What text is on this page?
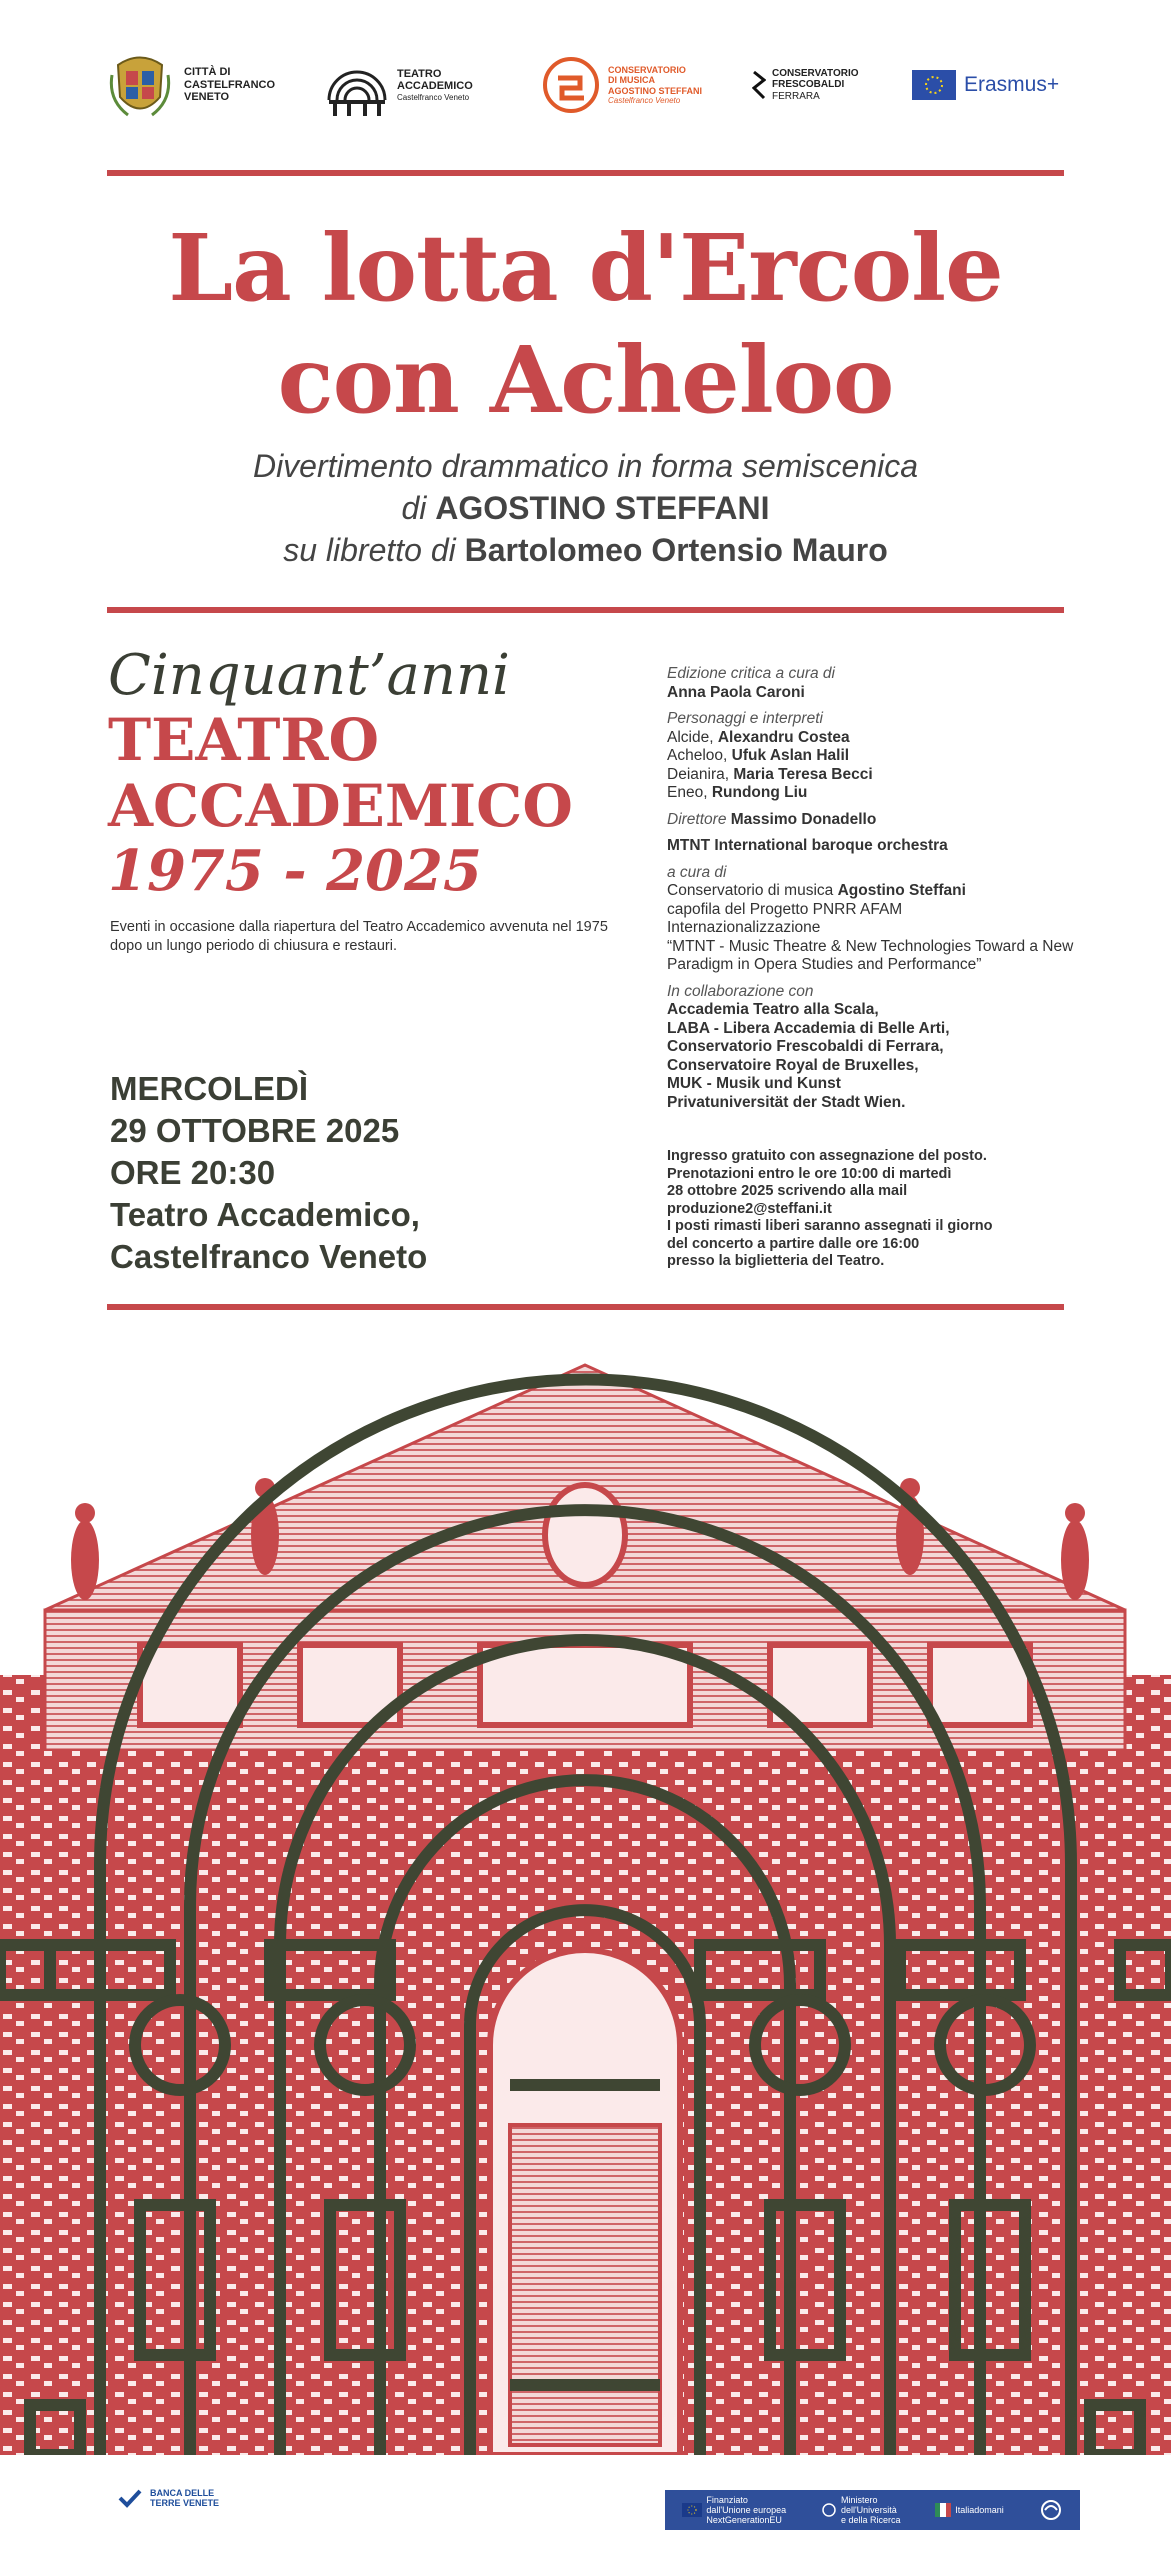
CITTÀ DI
CASTELFRANCO
VENETO
TEATRO
ACCADEMICO
Castelfranco Veneto
CONSERVATORIO
DI MUSICA
AGOSTINO STEFFANI
Castelfranco Veneto
CONSERVATORIO
FRESCOBALDI
FERRARA
Erasmus+
La lotta d'Ercole
con Acheloo
Divertimento drammatico in forma semiscenica
di AGOSTINO STEFFANI
su libretto di Bartolomeo Ortensio Mauro
Cinquant’anni
TEATRO
ACCADEMICO
1975 - 2025
Eventi in occasione dalla riapertura del Teatro Accademico avvenuta nel 1975 dopo un lungo periodo di chiusura e restauri.
MERCOLEDÌ
29 OTTOBRE 2025
ORE 20:30
Teatro Accademico,
Castelfranco Veneto
Edizione critica a cura di
Anna Paola Caroni
Personaggi e interpreti
Alcide, Alexandru Costea
Acheloo, Ufuk Aslan Halil
Deianira, Maria Teresa Becci
Eneo, Rundong Liu
Direttore Massimo Donadello
MTNT International baroque orchestra
a cura di
Conservatorio di musica Agostino Steffani
capofila del Progetto PNRR AFAM
Internazionalizzazione
“MTNT - Music Theatre & New Technologies Toward a New Paradigm in Opera Studies and Performance”
In collaborazione con
Accademia Teatro alla Scala,
LABA - Libera Accademia di Belle Arti,
Conservatorio Frescobaldi di Ferrara,
Conservatoire Royal de Bruxelles,
MUK - Musik und Kunst
Privatuniversität der Stadt Wien.
Ingresso gratuito con assegnazione del posto.
Prenotazioni entro le ore 10:00 di martedì
28 ottobre 2025 scrivendo alla mail
produzione2@steffani.it
I posti rimasti liberi saranno assegnati il giorno
del concerto a partire dalle ore 16:00
presso la biglietteria del Teatro.
BANCA DELLE
TERRE VENETE	Finanziato
dall'Unione europea
NextGenerationEU
Ministero
dell'Università
e della Ricerca
Italiadomani
